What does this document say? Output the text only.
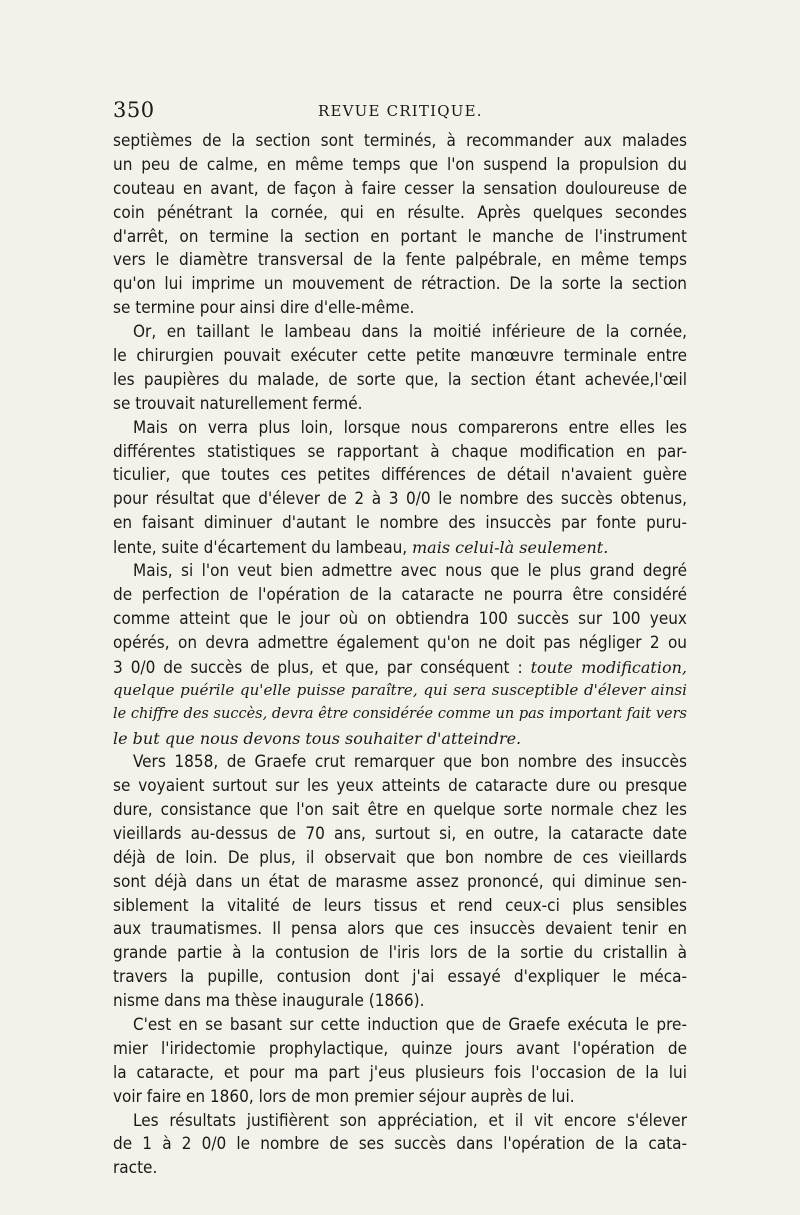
350	REVUE CRITIQUE.
septièmes de la section sont terminés, à recommander aux malades
un peu de calme, en même temps que l'on suspend la propulsion du
couteau en avant, de façon à faire cesser la sensation douloureuse de
coin pénétrant la cornée, qui en résulte. Après quelques secondes
d'arrêt, on termine la section en portant le manche de l'instrument
vers le diamètre transversal de la fente palpébrale, en même temps
qu'on lui imprime un mouvement de rétraction. De la sorte la section
se termine pour ainsi dire d'elle-même.
Or, en taillant le lambeau dans la moitié inférieure de la cornée,
le chirurgien pouvait exécuter cette petite manœuvre terminale entre
les paupières du malade, de sorte que, la section étant achevée,l'œil
se trouvait naturellement fermé.
Mais on verra plus loin, lorsque nous comparerons entre elles les
différentes statistiques se rapportant à chaque modification en par-
ticulier, que toutes ces petites différences de détail n'avaient guère
pour résultat que d'élever de 2 à 3 0/0 le nombre des succès obtenus,
en faisant diminuer d'autant le nombre des insuccès par fonte puru-
lente, suite d'écartement du lambeau, mais celui-là seulement.
Mais, si l'on veut bien admettre avec nous que le plus grand degré
de perfection de l'opération de la cataracte ne pourra être considéré
comme atteint que le jour où on obtiendra 100 succès sur 100 yeux
opérés, on devra admettre également qu'on ne doit pas négliger 2 ou
3 0/0 de succès de plus, et que, par conséquent : toute modification,
quelque puérile qu'elle puisse paraître, qui sera susceptible d'élever ainsi
le chiffre des succès, devra être considérée comme un pas important fait vers
le but que nous devons tous souhaiter d'atteindre.
Vers 1858, de Graefe crut remarquer que bon nombre des insuccès
se voyaient surtout sur les yeux atteints de cataracte dure ou presque
dure, consistance que l'on sait être en quelque sorte normale chez les
vieillards au-dessus de 70 ans, surtout si, en outre, la cataracte date
déjà de loin. De plus, il observait que bon nombre de ces vieillards
sont déjà dans un état de marasme assez prononcé, qui diminue sen-
siblement la vitalité de leurs tissus et rend ceux-ci plus sensibles
aux traumatismes. Il pensa alors que ces insuccès devaient tenir en
grande partie à la contusion de l'iris lors de la sortie du cristallin à
travers la pupille, contusion dont j'ai essayé d'expliquer le méca-
nisme dans ma thèse inaugurale (1866).
C'est en se basant sur cette induction que de Graefe exécuta le pre-
mier l'iridectomie prophylactique, quinze jours avant l'opération de
la cataracte, et pour ma part j'eus plusieurs fois l'occasion de la lui
voir faire en 1860, lors de mon premier séjour auprès de lui.
Les résultats justifièrent son appréciation, et il vit encore s'élever
de 1 à 2 0/0 le nombre de ses succès dans l'opération de la cata-
racte.
